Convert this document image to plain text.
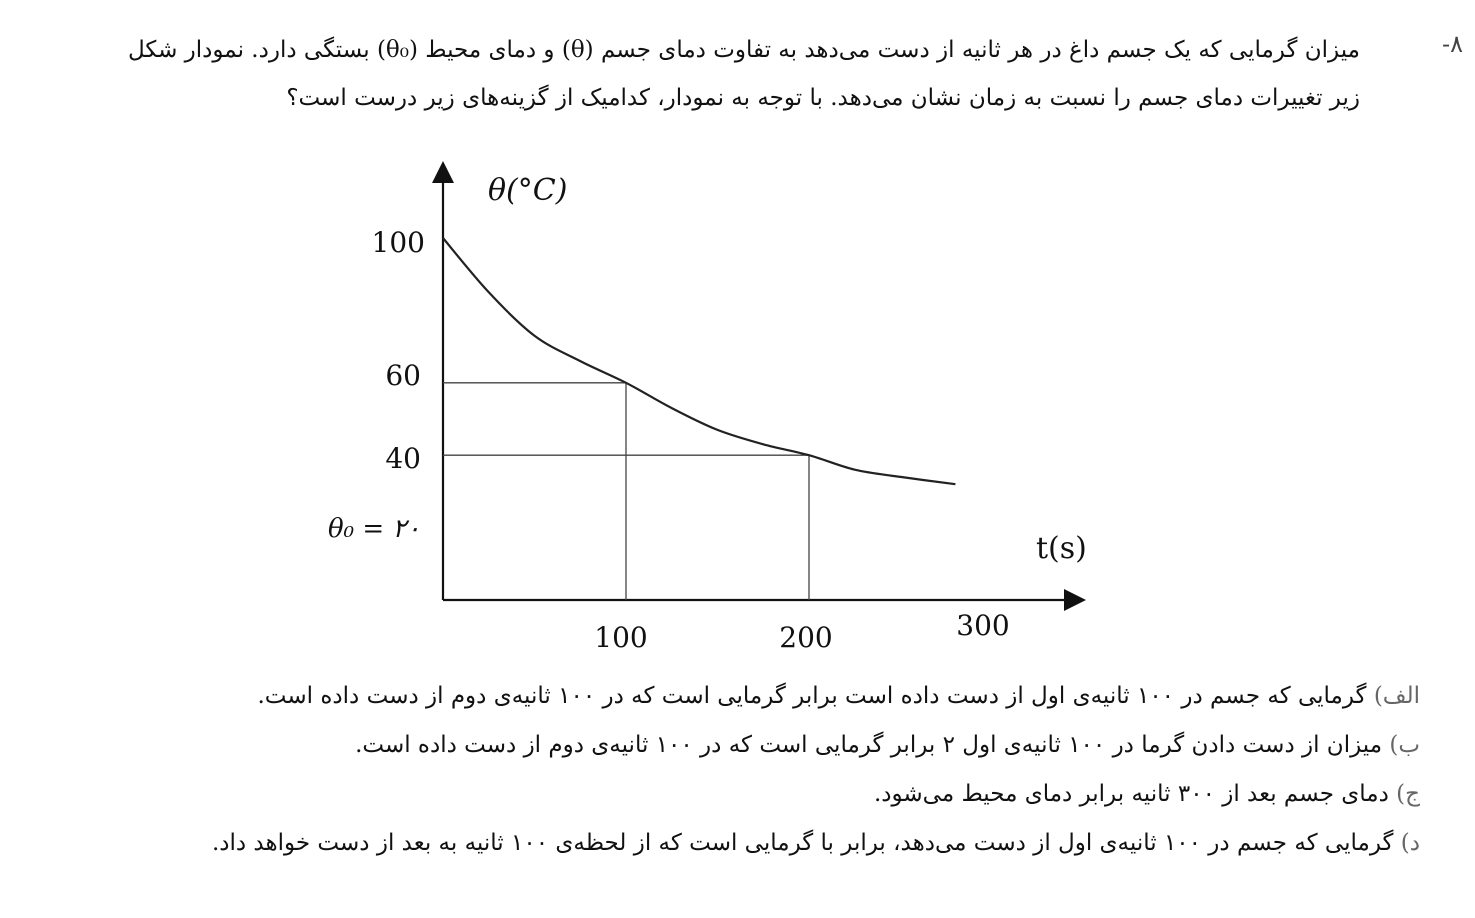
-۸
میزان گرمایی که یک جسم داغ در هر ثانیه از دست می‌دهد به تفاوت دمای جسم (θ) و دمای محیط (θ₀) بستگی دارد. نمودار شکل
زیر تغییرات دمای جسم را نسبت به زمان نشان می‌دهد. با توجه به نمودار، کدامیک از گزینه‌های زیر درست است؟
θ(°C)
t(s)
100
60
40
θ₀ = ۲۰
100	200	300
الف) گرمایی که جسم در ۱۰۰ ثانیه‌ی اول از دست داده است برابر گرمایی است که در ۱۰۰ ثانیه‌ی دوم از دست داده است.
ب) میزان از دست دادن گرما در ۱۰۰ ثانیه‌ی اول ۲ برابر گرمایی است که در ۱۰۰ ثانیه‌ی دوم از دست داده است.
ج) دمای جسم بعد از ۳۰۰ ثانیه برابر دمای محیط می‌شود.
د) گرمایی که جسم در ۱۰۰ ثانیه‌ی اول از دست می‌دهد، برابر با گرمایی است که از لحظه‌ی ۱۰۰ ثانیه به بعد از دست خواهد داد.
